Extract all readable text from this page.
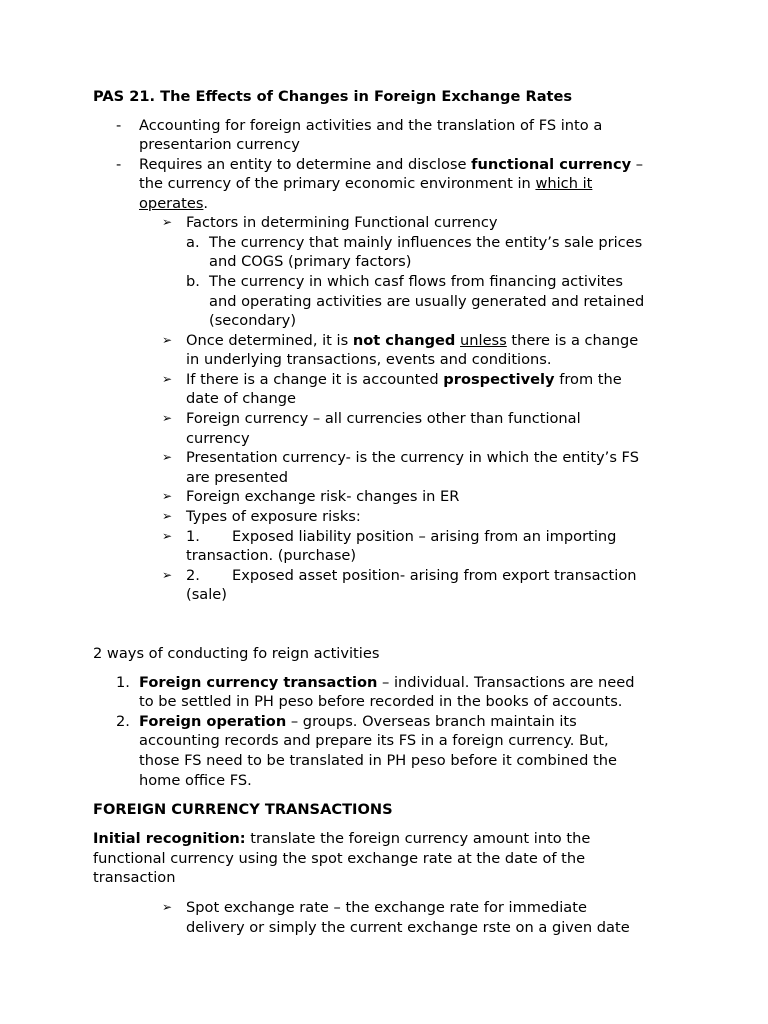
PAS 21. The Effects of Changes in Foreign Exchange Rates
- Accounting for foreign activities and the translation of FS into a
presentarion currency
- Requires an entity to determine and disclose functional currency –
the currency of the primary economic environment in which it
operates.
➢ Factors in determining Functional currency
a. The currency that mainly influences the entity’s sale prices
and COGS (primary factors)
b. The currency in which casf flows from financing activites
and operating activities are usually generated and retained
(secondary)
➢ Once determined, it is not changed unless there is a change
in underlying transactions, events and conditions.
➢ If there is a change it is accounted prospectively from the
date of change
➢ Foreign currency – all currencies other than functional
currency
➢ Presentation currency- is the currency in which the entity’s FS
are presented
➢ Foreign exchange risk- changes in ER
➢ Types of exposure risks:
➢ 1. Exposed liability position – arising from an importing
transaction. (purchase)
➢ 2. Exposed asset position- arising from export transaction
(sale)
2 ways of conducting fo reign activities
1. Foreign currency transaction – individual. Transactions are need
to be settled in PH peso before recorded in the books of accounts.
2. Foreign operation – groups. Overseas branch maintain its
accounting records and prepare its FS in a foreign currency. But,
those FS need to be translated in PH peso before it combined the
home office FS.
FOREIGN CURRENCY TRANSACTIONS
Initial recognition: translate the foreign currency amount into the
functional currency using the spot exchange rate at the date of the
transaction
➢ Spot exchange rate – the exchange rate for immediate
delivery or simply the current exchange rste on a given date
